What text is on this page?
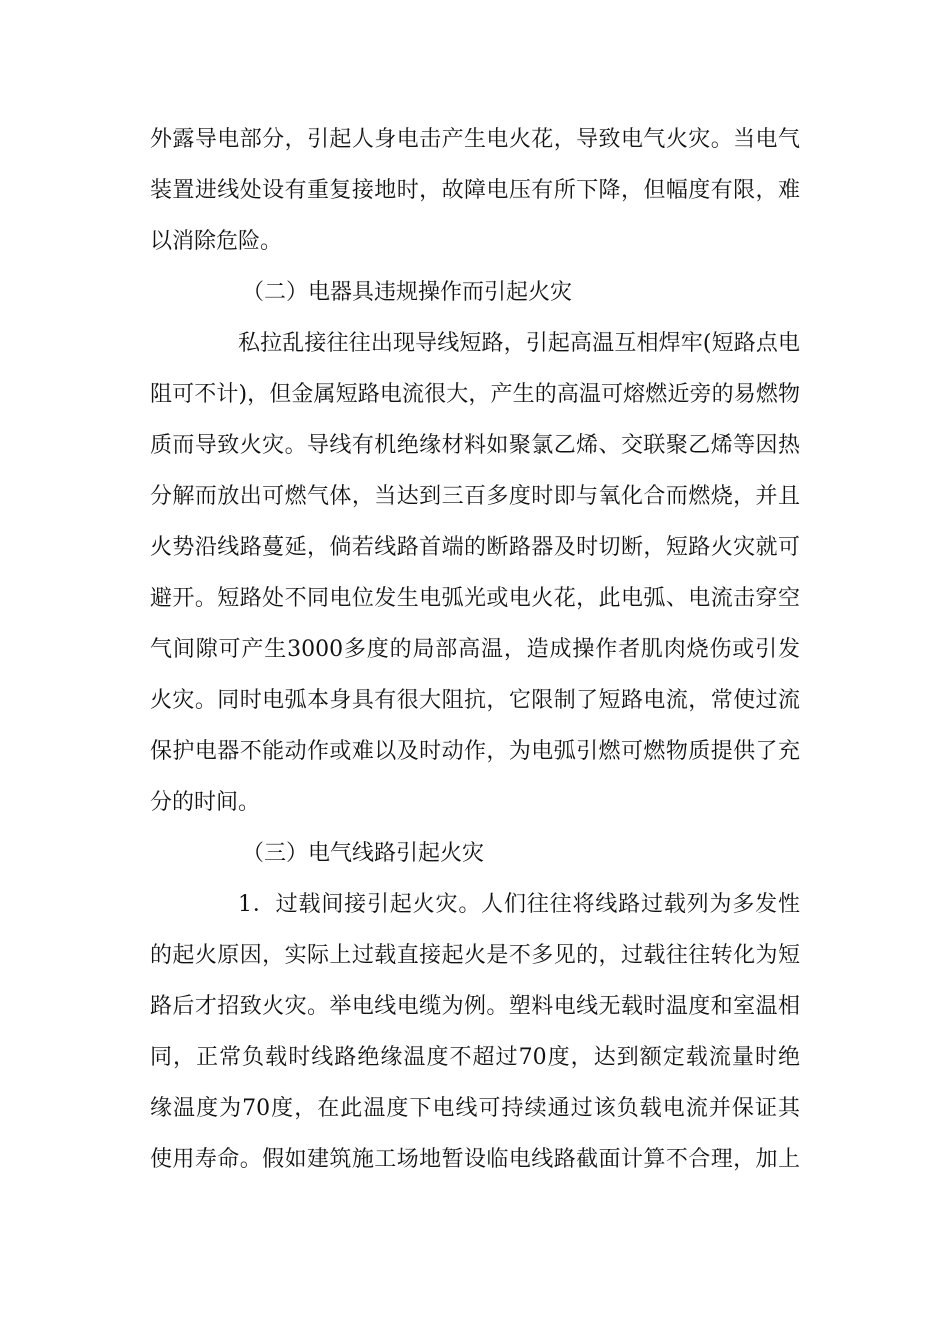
外露导电部分，引起人身电击产生电火花，导致电气火灾。当电气
装置进线处设有重复接地时，故障电压有所下降，但幅度有限，难
以消除危险。
（二）电器具违规操作而引起火灾
私拉乱接往往出现导线短路，引起高温互相焊牢(短路点电
阻可不计)，但金属短路电流很大，产生的高温可熔燃近旁的易燃物
质而导致火灾。导线有机绝缘材料如聚氯乙烯、交联聚乙烯等因热
分解而放出可燃气体，当达到三百多度时即与氧化合而燃烧，并且
火势沿线路蔓延，倘若线路首端的断路器及时切断，短路火灾就可
避开。短路处不同电位发生电弧光或电火花，此电弧、电流击穿空
气间隙可产生3000多度的局部高温，造成操作者肌肉烧伤或引发
火灾。同时电弧本身具有很大阻抗，它限制了短路电流，常使过流
保护电器不能动作或难以及时动作，为电弧引燃可燃物质提供了充
分的时间。
（三）电气线路引起火灾
1．过载间接引起火灾。人们往往将线路过载列为多发性
的起火原因，实际上过载直接起火是不多见的，过载往往转化为短
路后才招致火灾。举电线电缆为例。塑料电线无载时温度和室温相
同，正常负载时线路绝缘温度不超过70度，达到额定载流量时绝
缘温度为70度，在此温度下电线可持续通过该负载电流并保证其
使用寿命。假如建筑施工场地暂设临电线路截面计算不合理，加上
